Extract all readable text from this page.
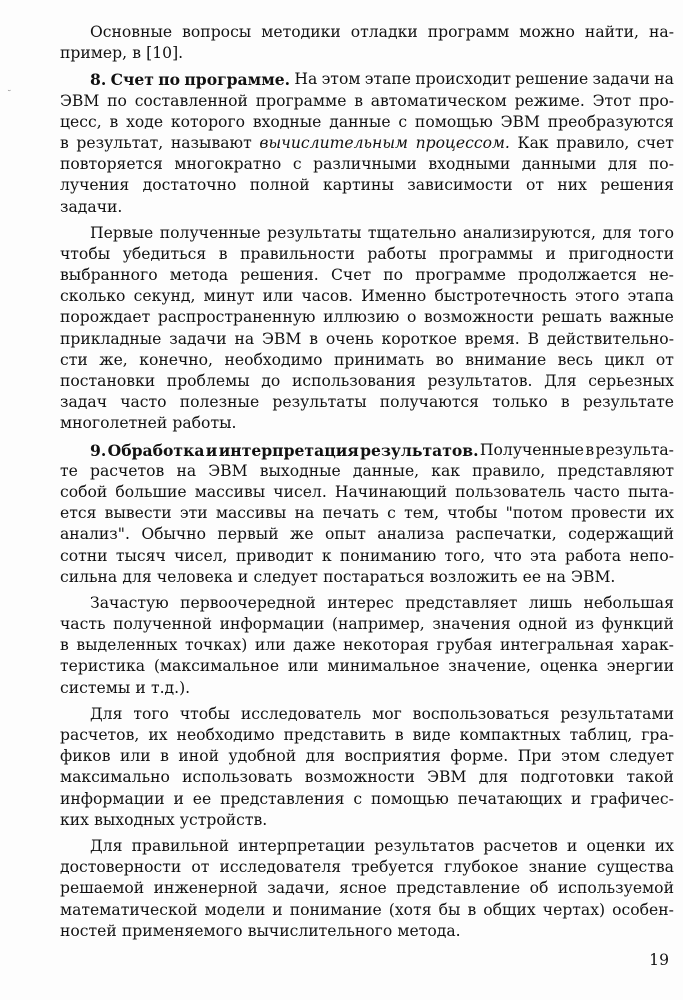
˘
Основные вопросы методики отладки программ можно найти, на-
пример, в [10].
8. Счет по программе. На этом этапе происходит решение задачи на
ЭВМ по составленной программе в автоматическом режиме. Этот про-
цесс, в ходе которого входные данные с помощью ЭВМ преобразуются
в результат, называют вычислительным процессом. Как правило, счет
повторяется многократно с различными входными данными для по-
лучения достаточно полной картины зависимости от них решения
задачи.
Первые полученные результаты тщательно анализируются, для того
чтобы убедиться в правильности работы программы и пригодности
выбранного метода решения. Счет по программе продолжается не-
сколько секунд, минут или часов. Именно быстротечность этого этапа
порождает распространенную иллюзию о возможности решать важные
прикладные задачи на ЭВМ в очень короткое время. В действительно-
сти же, конечно, необходимо принимать во внимание весь цикл от
постановки проблемы до использования результатов. Для серьезных
задач часто полезные результаты получаются только в результате
многолетней работы.
9. Обработка и интерпретация результатов. Полученные в результа-
те расчетов на ЭВМ выходные данные, как правило, представляют
собой большие массивы чисел. Начинающий пользователь часто пыта-
ется вывести эти массивы на печать с тем, чтобы "потом провести их
анализ". Обычно первый же опыт анализа распечатки, содержащий
сотни тысяч чисел, приводит к пониманию того, что эта работа непо-
сильна для человека и следует постараться возложить ее на ЭВМ.
Зачастую первоочередной интерес представляет лишь небольшая
часть полученной информации (например, значения одной из функций
в выделенных точках) или даже некоторая грубая интегральная харак-
теристика (максимальное или минимальное значение, оценка энергии
системы и т.д.).
Для того чтобы исследователь мог воспользоваться результатами
расчетов, их необходимо представить в виде компактных таблиц, гра-
фиков или в иной удобной для восприятия форме. При этом следует
максимально использовать возможности ЭВМ для подготовки такой
информации и ее представления с помощью печатающих и графичес-
ких выходных устройств.
Для правильной интерпретации результатов расчетов и оценки их
достоверности от исследователя требуется глубокое знание существа
решаемой инженерной задачи, ясное представление об используемой
математической модели и понимание (хотя бы в общих чертах) особен-
ностей применяемого вычислительного метода.
19
